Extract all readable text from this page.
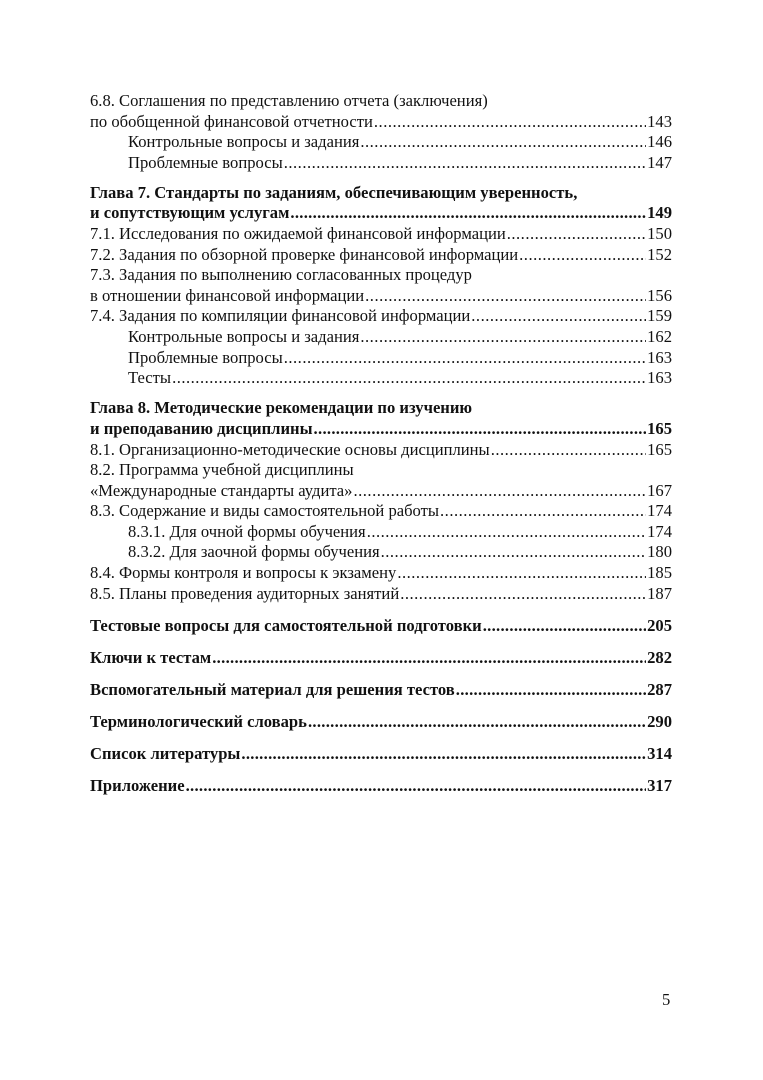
6.8. Соглашения по представлению отчета (заключения)
по обобщенной финансовой отчетности .....	143
Контрольные вопросы и задания .....	146
Проблемные вопросы .....	147
Глава 7. Стандарты по заданиям, обеспечивающим уверенность,
и сопутствующим услугам .....	149
7.1. Исследования по ожидаемой финансовой информации .....	150
7.2. Задания по обзорной проверке финансовой информации .....	152
7.3. Задания по выполнению согласованных процедур
в отношении финансовой информации .....	156
7.4. Задания по компиляции финансовой информации .....	159
Контрольные вопросы и задания .....	162
Проблемные вопросы .....	163
Тесты .....	163
Глава 8. Методические рекомендации по изучению
и преподаванию дисциплины .....	165
8.1. Организационно-методические основы дисциплины .....	165
8.2. Программа учебной дисциплины
«Международные стандарты аудита» .....	167
8.3. Содержание и виды самостоятельной работы .....	174
8.3.1. Для очной формы обучения .....	174
8.3.2. Для заочной формы обучения .....	180
8.4. Формы контроля и вопросы к экзамену .....	185
8.5. Планы проведения аудиторных занятий .....	187
Тестовые вопросы для самостоятельной подготовки .....	205
Ключи к тестам .....	282
Вспомогательный материал для решения тестов .....	287
Терминологический словарь .....	290
Список литературы .....	314
Приложение .....	317
5
